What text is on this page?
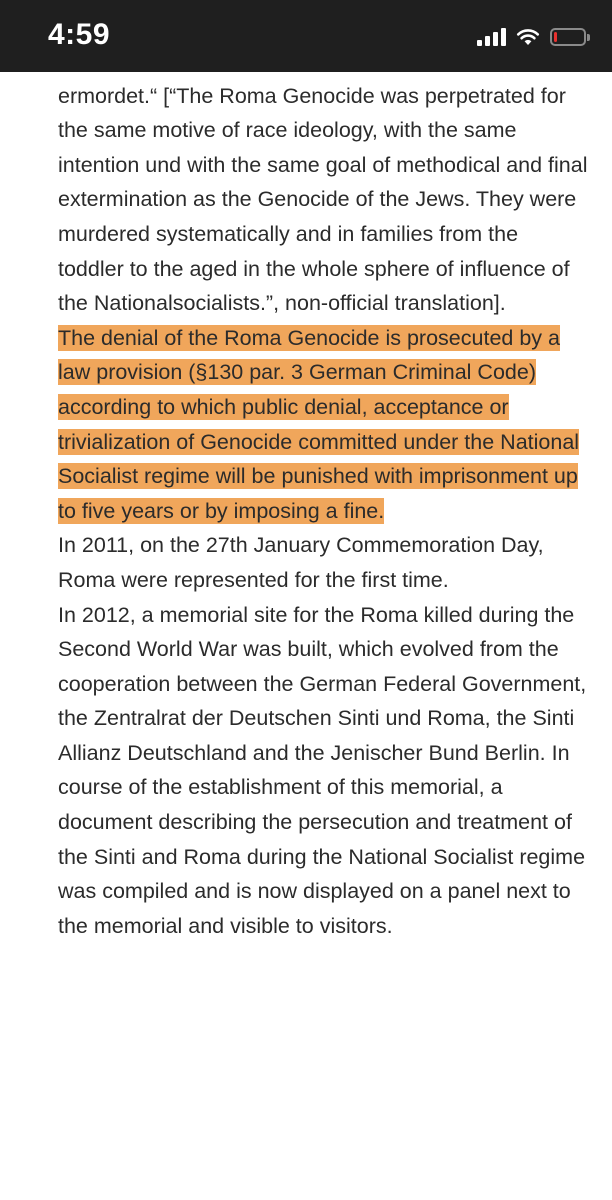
4:59

ermordet.“ [“The Roma Genocide was perpetrated for the same motive of race ideology, with the same intention und with the same goal of methodical and final extermination as the Genocide of the Jews. They were murdered systematically and in families from the toddler to the aged in the whole sphere of influence of the Nationalsocialists.”, non-official translation].

The denial of the Roma Genocide is prosecuted by a law provision (§130 par. 3 German Criminal Code) according to which public denial, acceptance or trivialization of Genocide committed under the National Socialist regime will be punished with imprisonment up to five years or by imposing a fine.

In 2011, on the 27th January Commemoration Day, Roma were represented for the first time.

In 2012, a memorial site for the Roma killed during the Second World War was built, which evolved from the cooperation between the German Federal Government, the Zentralrat der Deutschen Sinti und Roma, the Sinti Allianz Deutschland and the Jenischer Bund Berlin. In course of the establishment of this memorial, a document describing the persecution and treatment of the Sinti and Roma during the National Socialist regime was compiled and is now displayed on a panel next to the memorial and visible to visitors.
